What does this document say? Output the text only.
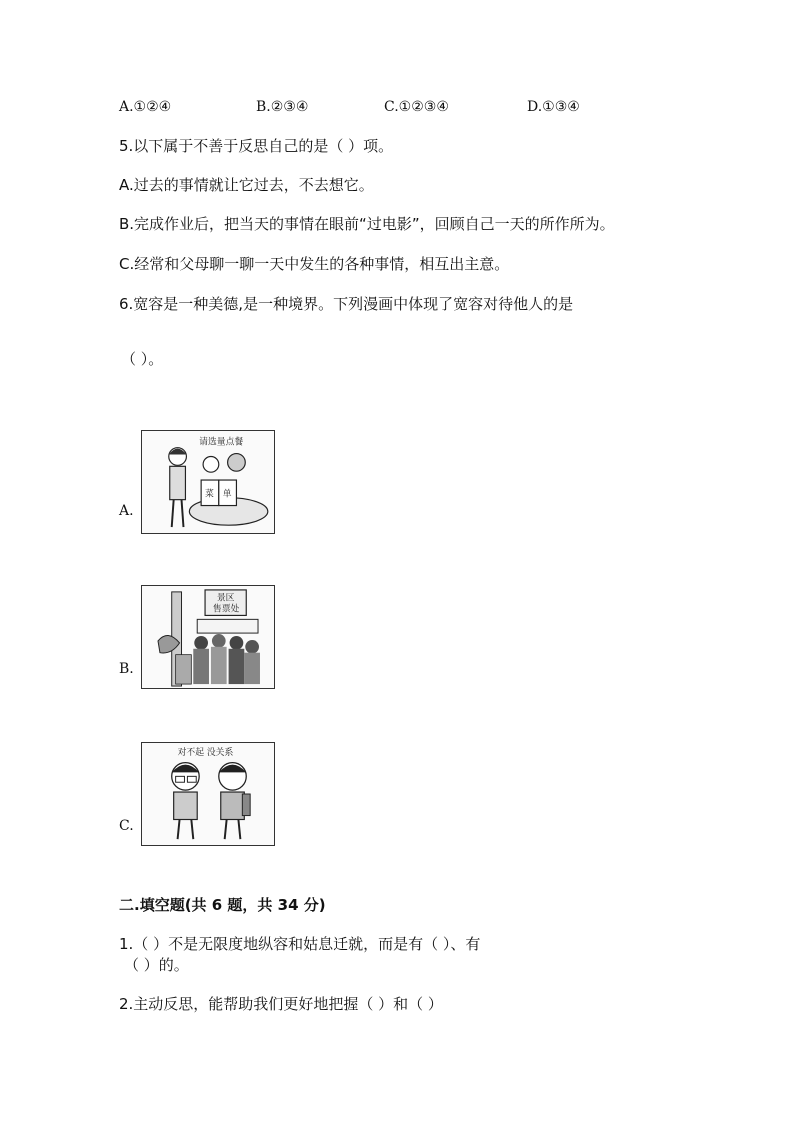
A.①②④	B.②③④	C.①②③④	D.①③④
5.以下属于不善于反思自己的是（ ）项。
A.过去的事情就让它过去，不去想它。
B.完成作业后，把当天的事情在眼前“过电影”，回顾自己一天的所作所为。
C.经常和父母聊一聊一天中发生的各种事情，相互出主意。
6.宽容是一种美德,是一种境界。下列漫画中体现了宽容对待他人的是
（ ）。
请选量点餐
菜 单
A.
景区
售票处
B.
对不起 没关系
C.
二.填空题(共 6 题，共 34 分)
1.（ ）不是无限度地纵容和姑息迁就，而是有（ ）、有
（ ）的。
2.主动反思，能帮助我们更好地把握（ ）和（ ）
